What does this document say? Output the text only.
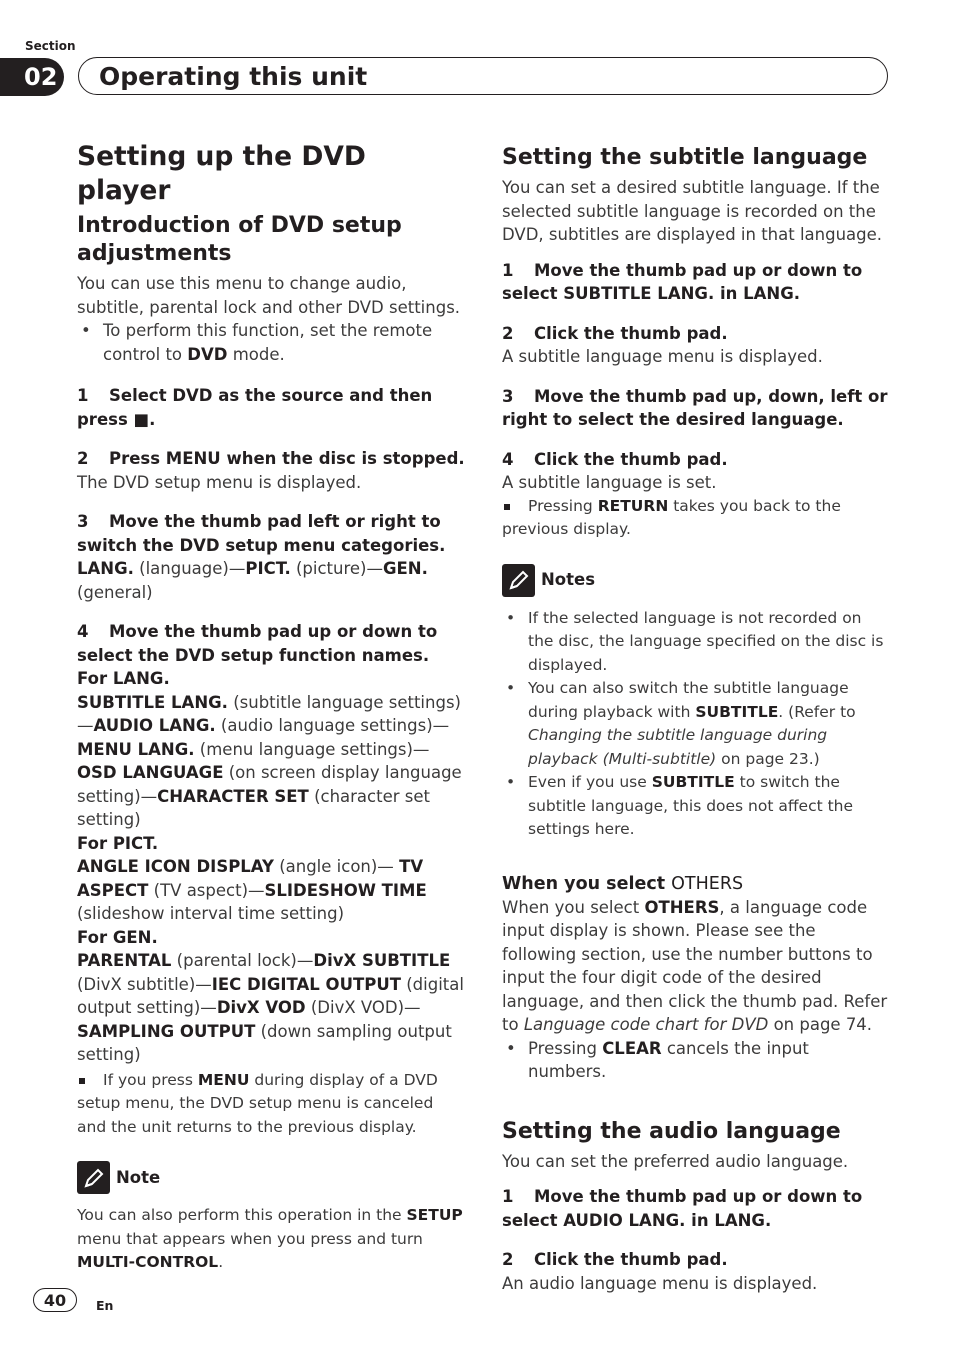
Section
02	Operating this unit
Setting up the DVD player
Introduction of DVD setup adjustments

You can use this menu to change audio, subtitle, parental lock and other DVD settings.

• To perform this function, set the remote control to DVD mode.

1 Select DVD as the source and then press ■.
2 Press MENU when the disc is stopped.

The DVD setup menu is displayed.

3 Move the thumb pad left or right to switch the DVD setup menu categories.

LANG. (language)—PICT. (picture)—GEN. (general)

4 Move the thumb pad up or down to select the DVD setup function names.

For LANG.

SUBTITLE LANG. (subtitle language settings) —AUDIO LANG. (audio language settings)— MENU LANG. (menu language settings)— OSD LANGUAGE (on screen display language setting)—CHARACTER SET (character set setting)

For PICT.

ANGLE ICON DISPLAY (angle icon)— TV ASPECT (TV aspect)—SLIDESHOW TIME (slideshow interval time setting)

For GEN.

PARENTAL (parental lock)—DivX SUBTITLE (DivX subtitle)—IEC DIGITAL OUTPUT (digital output setting)—DivX VOD (DivX VOD)— SAMPLING OUTPUT (down sampling output setting)

If you press MENU during display of a DVD setup menu, the DVD setup menu is canceled and the unit returns to the previous display.

Note

You can also perform this operation in the SETUP menu that appears when you press and turn MULTI-CONTROL.

Setting the subtitle language

You can set a desired subtitle language. If the selected subtitle language is recorded on the DVD, subtitles are displayed in that language.

1 Move the thumb pad up or down to select SUBTITLE LANG. in LANG.
2 Click the thumb pad.

A subtitle language menu is displayed.

3 Move the thumb pad up, down, left or right to select the desired language.
4 Click the thumb pad.

A subtitle language is set.

Pressing RETURN takes you back to the previous display.

Notes

• If the selected language is not recorded on the disc, the language specified on the disc is displayed.

• You can also switch the subtitle language during playback with SUBTITLE. (Refer to Changing the subtitle language during playback (Multi-subtitle) on page 23.)

• Even if you use SUBTITLE to switch the subtitle language, this does not affect the settings here.

When you select OTHERS

When you select OTHERS, a language code input display is shown. Please see the following section, use the number buttons to input the four digit code of the desired language, and then click the thumb pad. Refer to Language code chart for DVD on page 74.

• Pressing CLEAR cancels the input numbers.

Setting the audio language

You can set the preferred audio language.

1 Move the thumb pad up or down to select AUDIO LANG. in LANG.
2 Click the thumb pad.

An audio language menu is displayed.

40	En
